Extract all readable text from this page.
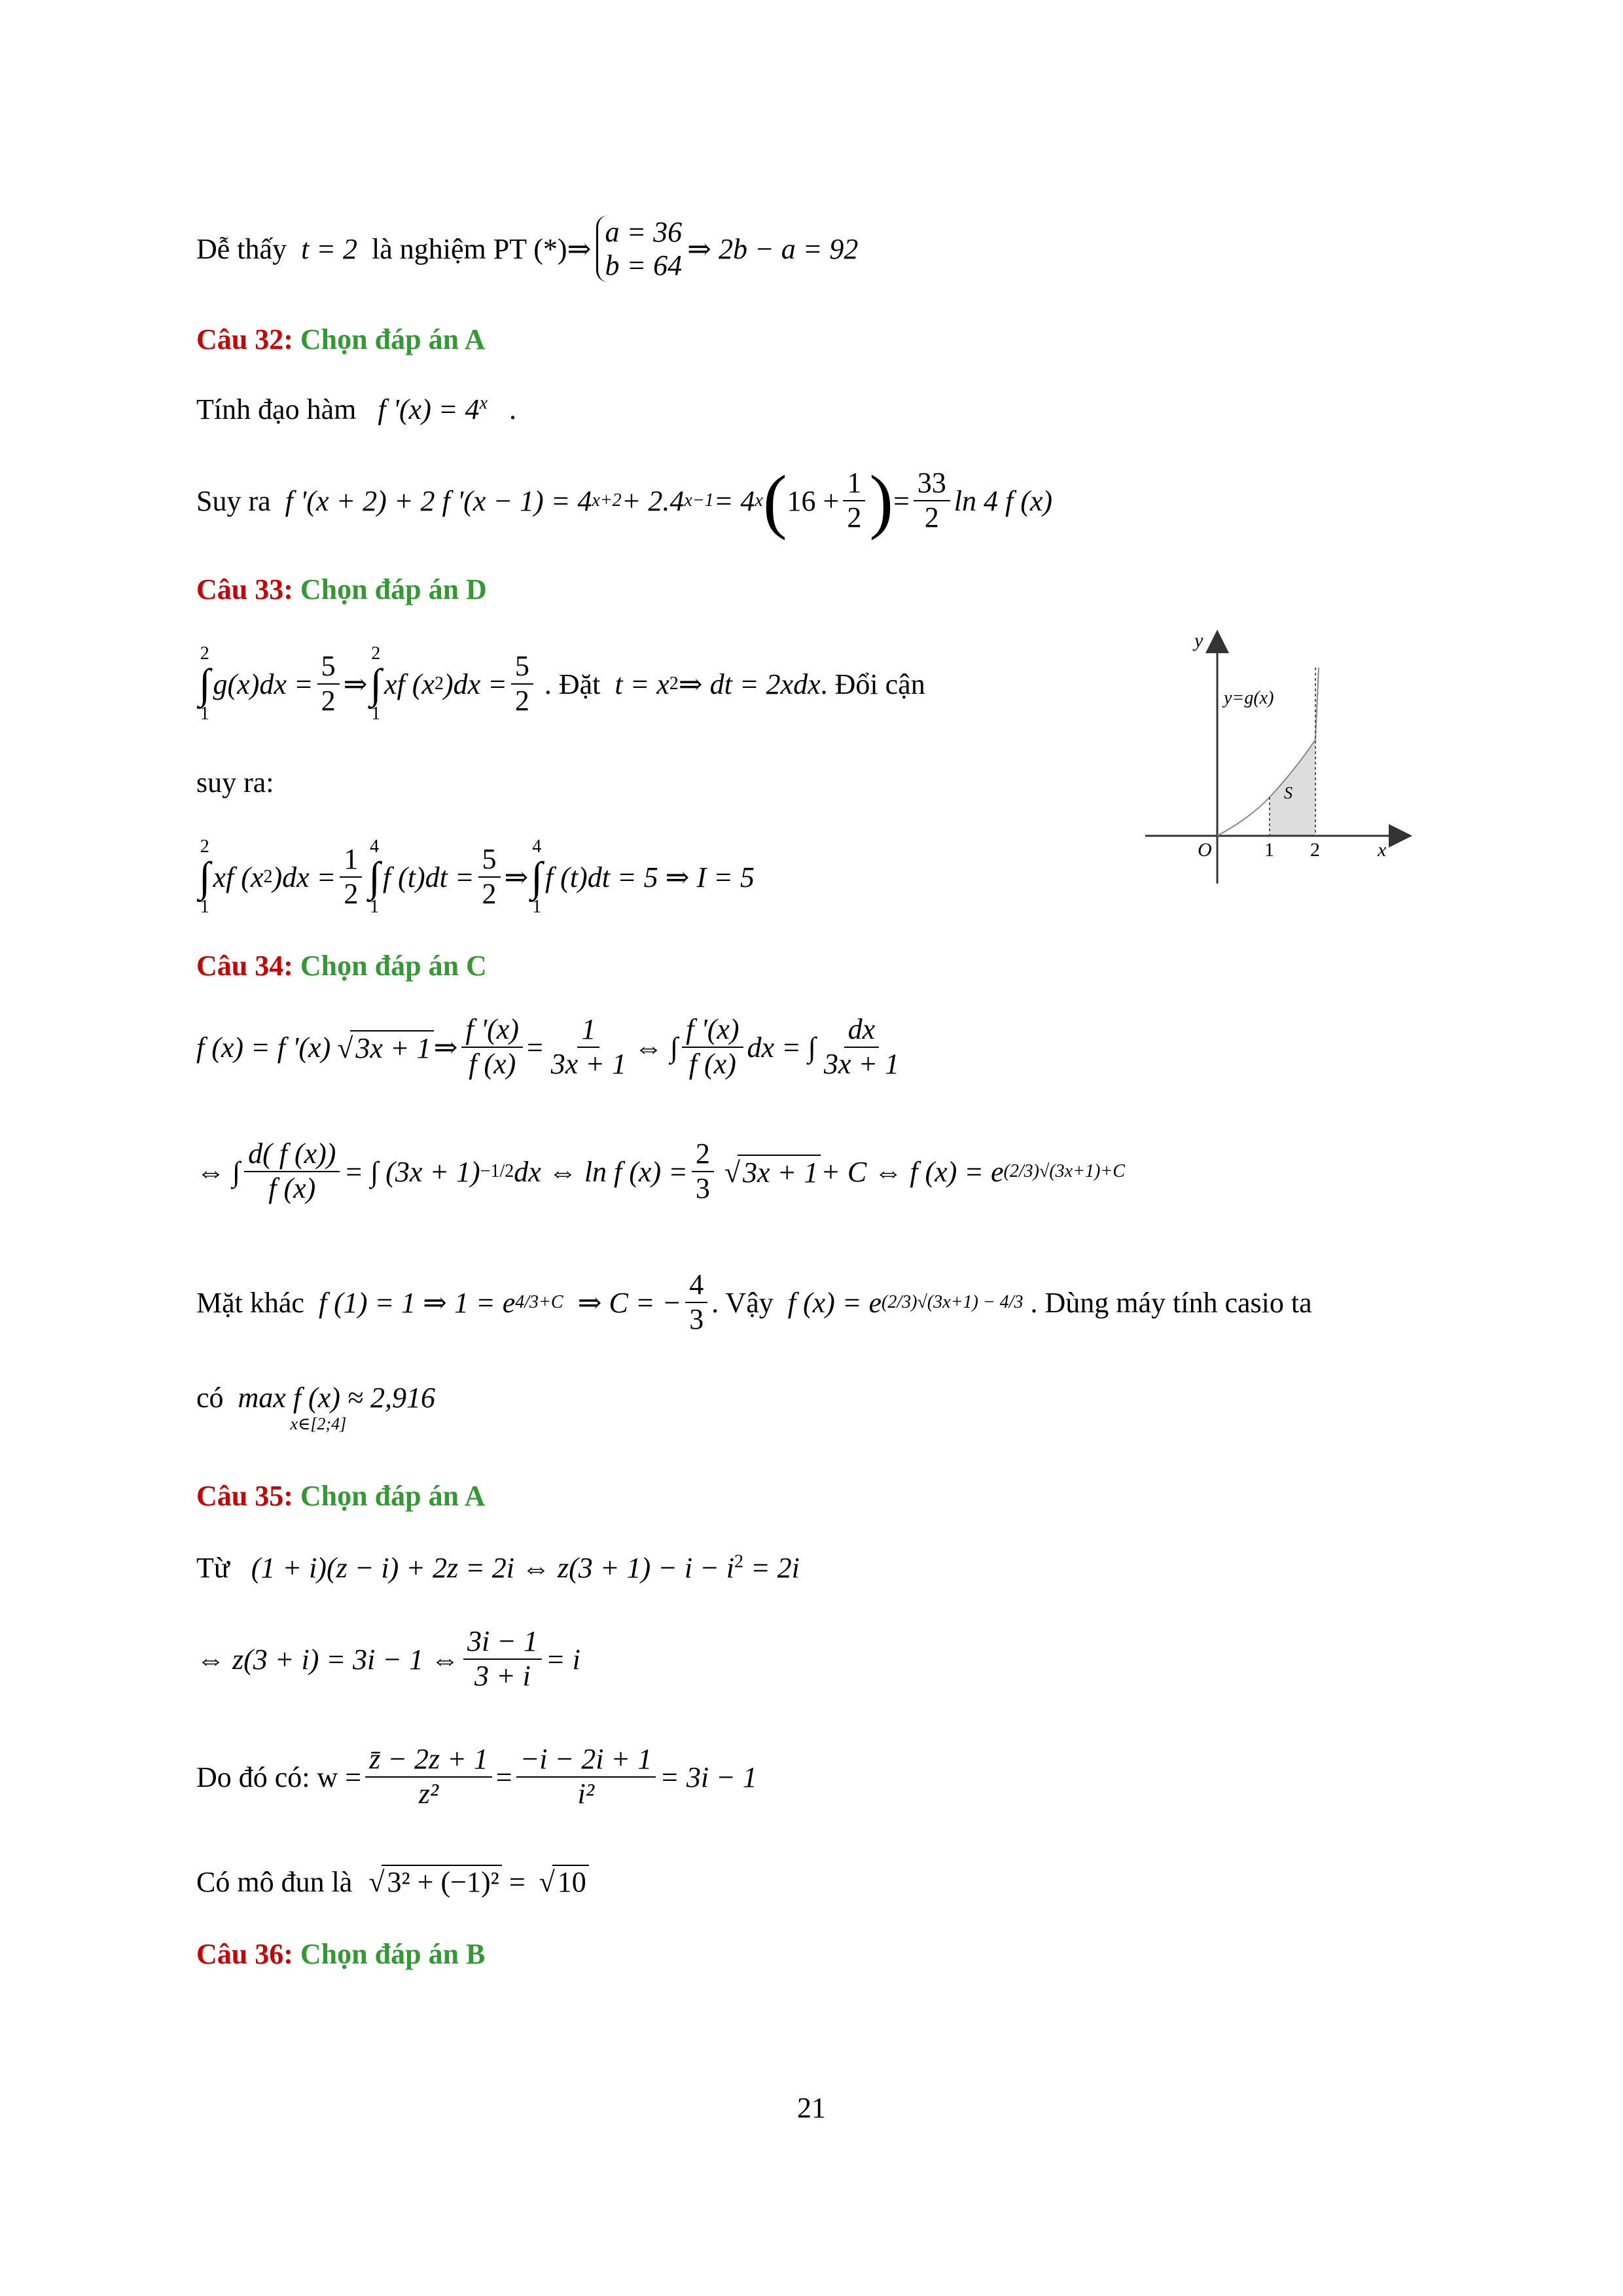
Dễ thấy
t = 2
là nghiệm PT (*)⇒
a = 36
b = 64
⇒ 2b − a = 92
Câu 32: Chọn đáp án A
Tính đạo hàm f '$(x) = 4^x$ .
Suy ra
f '(x + 2) + 2 f '(x − 1) = 4 x+2 + 2.4 x−1 = 4 x ( $16 + \frac{1}{2}$ ) = $\frac{33}{2}$ ln 4 f (x)
Câu 33: Chọn đáp án D
2
∫
1
$g(x)dx = \frac{5}{2}$ ⇒
2
∫
1
xf (x 2 )$dx = \frac{5}{2}$
. Đặt
t = x 2 ⇒ dt = 2xdx . Đổi cận
suy ra:
2
∫
1
xf (x 2 )$dx = \frac{1}{2} 4$
∫
1
f $(t)dt = \frac{5}{2}$ ⇒
4
∫
1
f (t)dt = 5 ⇒ I = 5
y
x
O	1 2
y=g(x)
S
Câu 34: Chọn đáp án C
f (x) = f '(x) √ 3x + 1 ⇒ $\frac{f '(x)}{f (x)} = \frac{1}{3x + 1}$ ⇔ ∫ $\frac{f '(x)}{f (x)}$ dx = ∫ $\frac{dx}{3x + 1}$
⇔ ∫ $\frac{d( f (x))}{f (x)}$ = ∫ (3x + 1) −1/2 dx ⇔ ln f $(x) = \frac{2}{3}$ √ 3x + 1 + C ⇔ f (x) = e (2/3)√(3x+1)+C
Mặt khác
f (1) = 1 ⇒ 1 = e 4/3+C
⇒ C = − $\frac{4}{3}$ . Vậy
f (x) = e (2/3)√(3x+1) − 4/3
. Dùng máy tính casio ta
có max f (x) ≈ 2,916
x∈[2;4]
Câu 35: Chọn đáp án A
Từ (1 + i)(z − i) + 2z = 2i ⇔ $z(3 + 1) - i - i^2 = 2i$
⇔ z(3 + i) = 3i − 1 ⇔ $\frac{3i - 1}{3 + i} = i$
Do đó có: $w = \frac{z̄ - 2z + 1}{\text{z²}} = \frac{-i - 2i + 1}{\text{i²}} = 3i - 1$
Có mô đun là √ 3² + (−1)² = √ 10
Câu 36: Chọn đáp án B
21
